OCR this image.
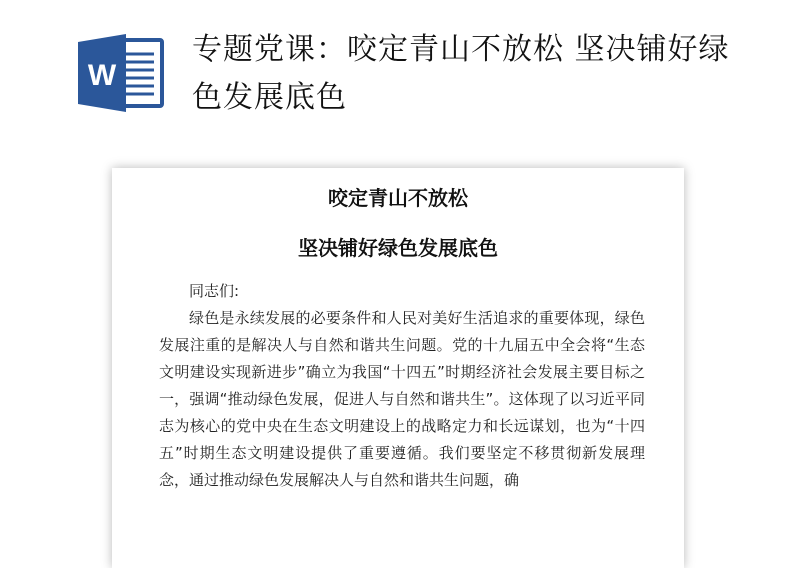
W
专题党课：咬定青山不放松 坚决铺好绿色发展底色
咬定青山不放松
坚决铺好绿色发展底色

同志们:

绿色是永续发展的必要条件和人民对美好生活追求的重要体现，绿色发展注重的是解决人与自然和谐共生问题。党的十九届五中全会将“生态文明建设实现新进步”确立为我国“十四五”时期经济社会发展主要目标之一，强调“推动绿色发展，促进人与自然和谐共生”。这体现了以习近平同志为核心的党中央在生态文明建设上的战略定力和长远谋划，也为“十四五”时期生态文明建设提供了重要遵循。我们要坚定不移贯彻新发展理念，通过推动绿色发展解决人与自然和谐共生问题，确
